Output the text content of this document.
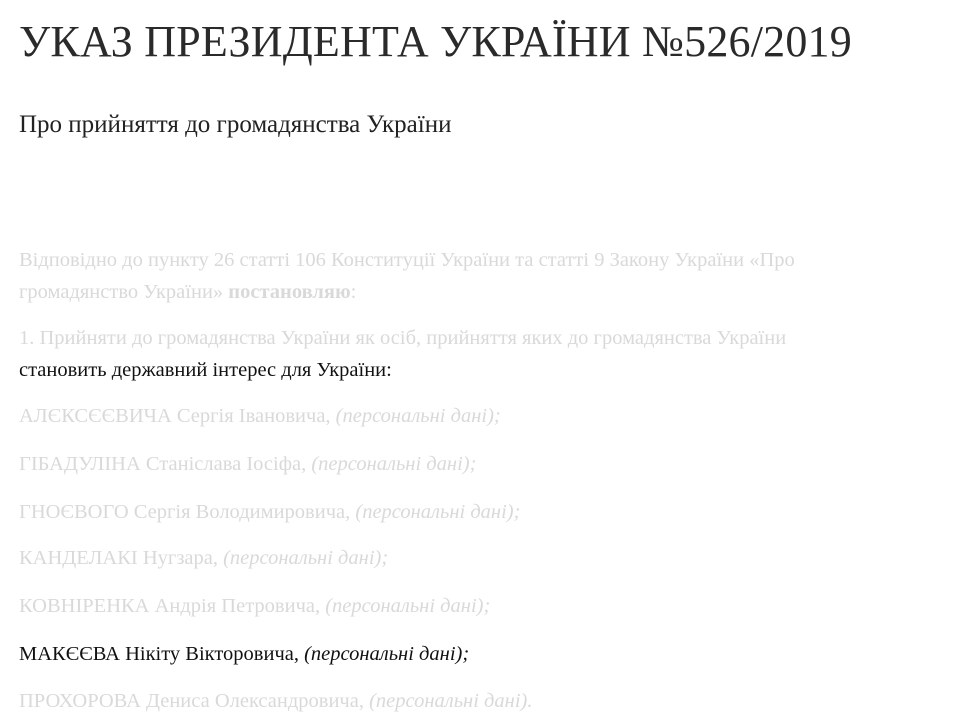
УКАЗ ПРЕЗИДЕНТА УКРАЇНИ №526/2019
Про прийняття до громадянства України

Відповідно до пункту 26 статті 106 Конституції України та статті 9 Закону України «Про
громадянство України» постановляю:

1. Прийняти до громадянства України як осіб, прийняття яких до громадянства України
становить державний інтерес для України:

АЛЄКСЄЄВИЧА Сергія Івановича, (персональні дані);

ГІБАДУЛІНА Станіслава Іосіфа, (персональні дані);

ГНОЄВОГО Сергія Володимировича, (персональні дані);

КАНДЕЛАКІ Нугзара, (персональні дані);

КОВНІРЕНКА Андрія Петровича, (персональні дані);

МАКЄЄВА Нікіту Вікторовича, (персональні дані);

ПРОХОРОВА Дениса Олександровича, (персональні дані).
